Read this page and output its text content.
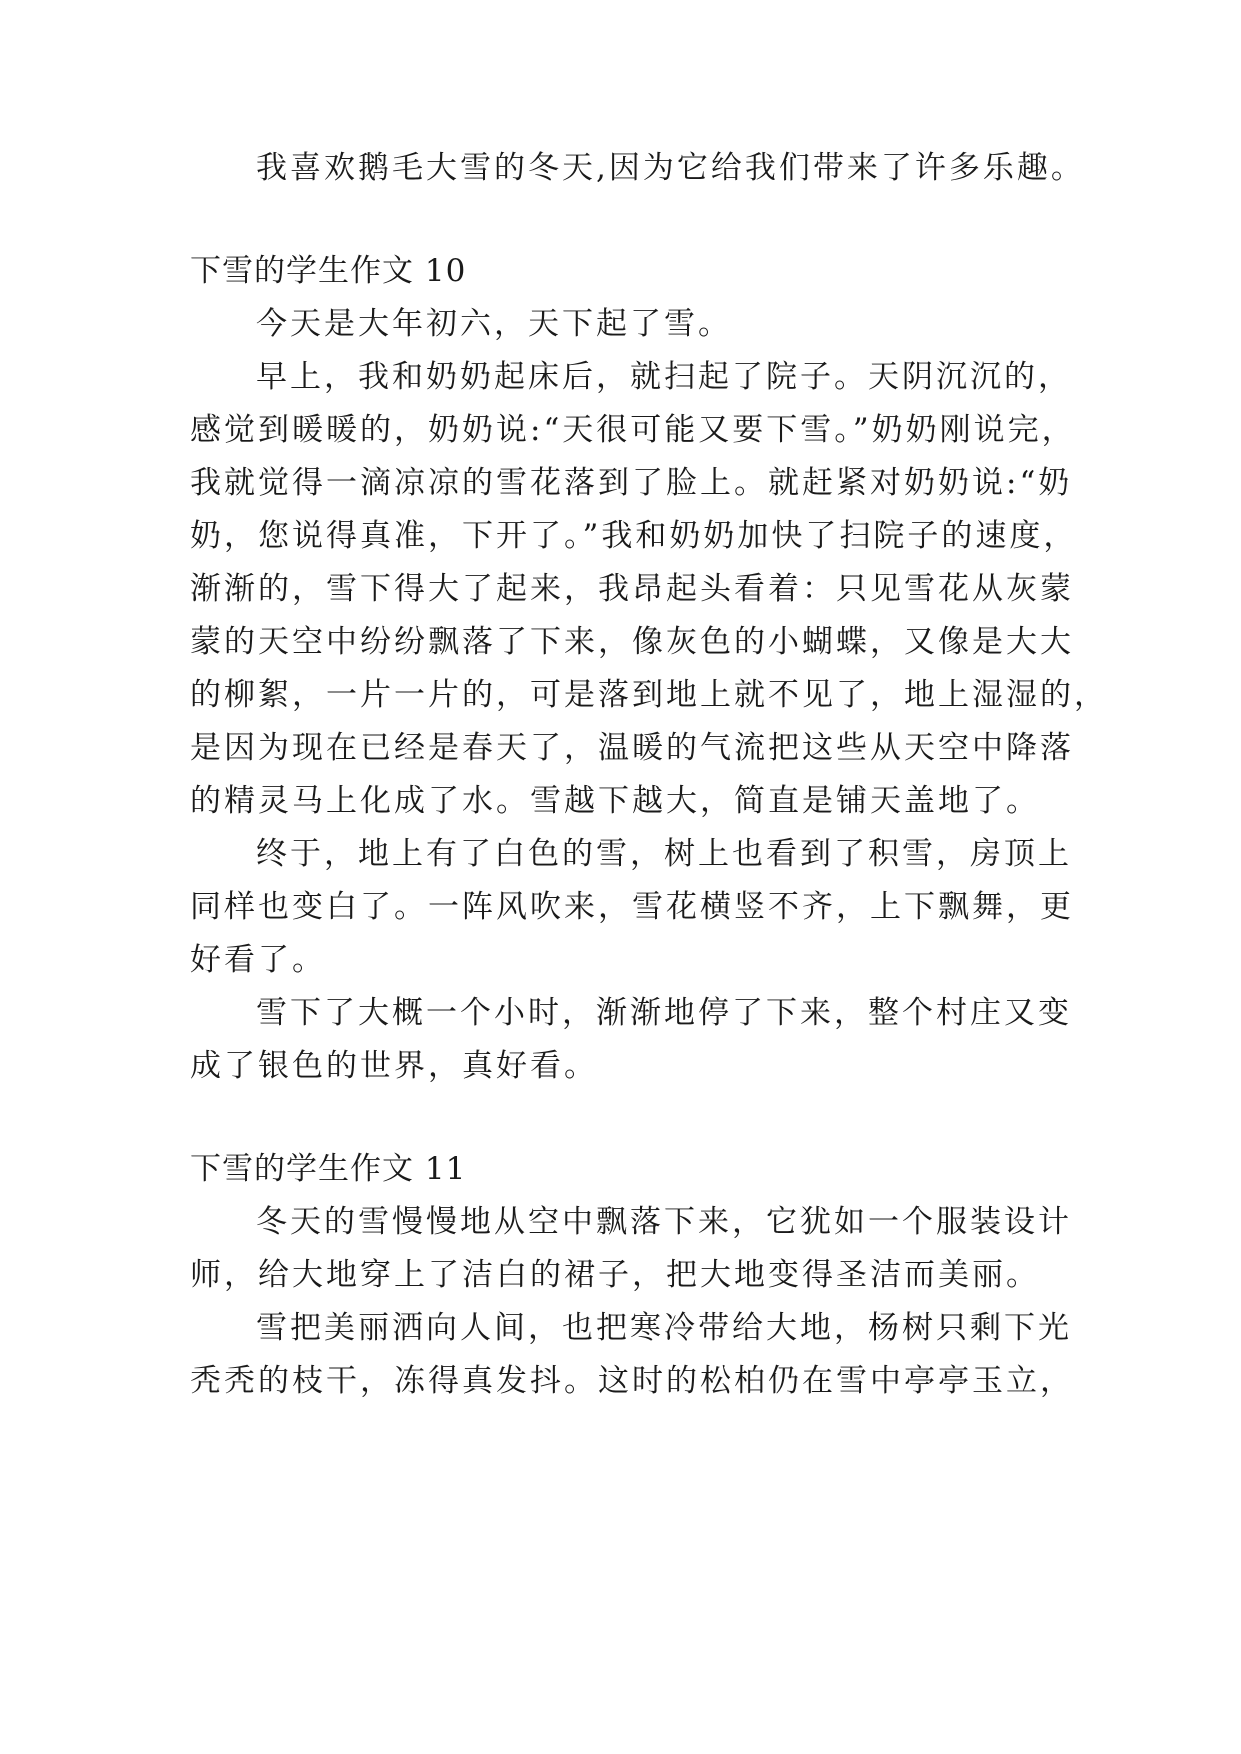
我喜欢鹅毛大雪的冬天,因为它给我们带来了许多乐趣。
下雪的学生作文 10
今天是大年初六，天下起了雪。
早上，我和奶奶起床后，就扫起了院子。天阴沉沉的，
感觉到暖暖的，奶奶说:“天很可能又要下雪。”奶奶刚说完，
我就觉得一滴凉凉的雪花落到了脸上。就赶紧对奶奶说:“奶
奶，您说得真准，下开了。”我和奶奶加快了扫院子的速度，
渐渐的，雪下得大了起来，我昂起头看着：只见雪花从灰蒙
蒙的天空中纷纷飘落了下来，像灰色的小蝴蝶，又像是大大
的柳絮，一片一片的，可是落到地上就不见了，地上湿湿的，
是因为现在已经是春天了，温暖的气流把这些从天空中降落
的精灵马上化成了水。雪越下越大，简直是铺天盖地了。
终于，地上有了白色的雪，树上也看到了积雪，房顶上
同样也变白了。一阵风吹来，雪花横竖不齐，上下飘舞，更
好看了。
雪下了大概一个小时，渐渐地停了下来，整个村庄又变
成了银色的世界，真好看。
下雪的学生作文 11
冬天的雪慢慢地从空中飘落下来，它犹如一个服装设计
师，给大地穿上了洁白的裙子，把大地变得圣洁而美丽。
雪把美丽洒向人间，也把寒冷带给大地，杨树只剩下光
秃秃的枝干，冻得真发抖。这时的松柏仍在雪中亭亭玉立，
